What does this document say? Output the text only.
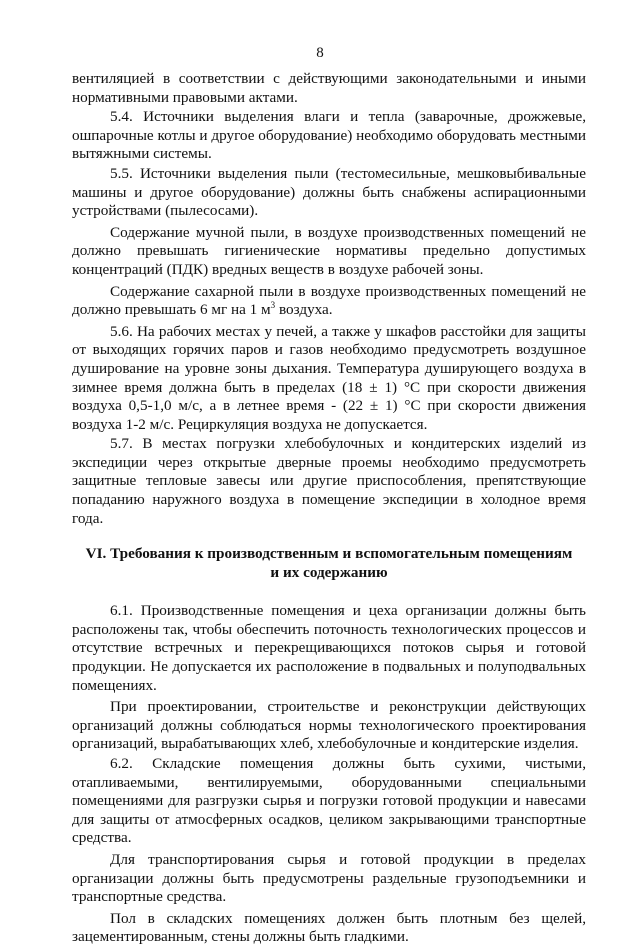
8

вентиляцией в соответствии с действующими законодательными и иными нормативными правовыми актами.

5.4. Источники выделения влаги и тепла (заварочные, дрожжевые, ошпарочные котлы и другое оборудование) необходимо оборудовать местными вытяжными системы.

5.5. Источники выделения пыли (тестомесильные, мешковыбивальные машины и другое оборудование) должны быть снабжены аспирационными устройствами (пылесосами).

Содержание мучной пыли, в воздухе производственных помещений не должно превышать гигиенические нормативы предельно допустимых концентраций (ПДК) вредных веществ в воздухе рабочей зоны.

Содержание сахарной пыли в воздухе производственных помещений не должно превышать 6 мг на 1 $м^3$ воздуха.

5.6. На рабочих местах у печей, а также у шкафов расстойки для защиты от выходящих горячих паров и газов необходимо предусмотреть воздушное душирование на уровне зоны дыхания. Температура душирующего воздуха в зимнее время должна быть в пределах (18 ± 1) °С при скорости движения воздуха 0,5-1,0 м/с, а в летнее время - (22 ± 1) °С при скорости движения воздуха 1-2 м/с. Рециркуляция воздуха не допускается.

5.7. В местах погрузки хлебобулочных и кондитерских изделий из экспедиции через открытые дверные проемы необходимо предусмотреть защитные тепловые завесы или другие приспособления, препятствующие попаданию наружного воздуха в помещение экспедиции в холодное время года.

VI. Требования к производственным и вспомогательным помещениям и их содержанию

6.1. Производственные помещения и цеха организации должны быть расположены так, чтобы обеспечить поточность технологических процессов и отсутствие встречных и перекрещивающихся потоков сырья и готовой продукции. Не допускается их расположение в подвальных и полуподвальных помещениях.

При проектировании, строительстве и реконструкции действующих организаций должны соблюдаться нормы технологического проектирования организаций, вырабатывающих хлеб, хлебобулочные и кондитерские изделия.

6.2. Складские помещения должны быть сухими, чистыми, отапливаемыми, вентилируемыми, оборудованными специальными помещениями для разгрузки сырья и погрузки готовой продукции и навесами для защиты от атмосферных осадков, целиком закрывающими транспортные средства.

Для транспортирования сырья и готовой продукции в пределах организации должны быть предусмотрены раздельные грузоподъемники и транспортные средства.

Пол в складских помещениях должен быть плотным без щелей, зацементированным, стены должны быть гладкими.
